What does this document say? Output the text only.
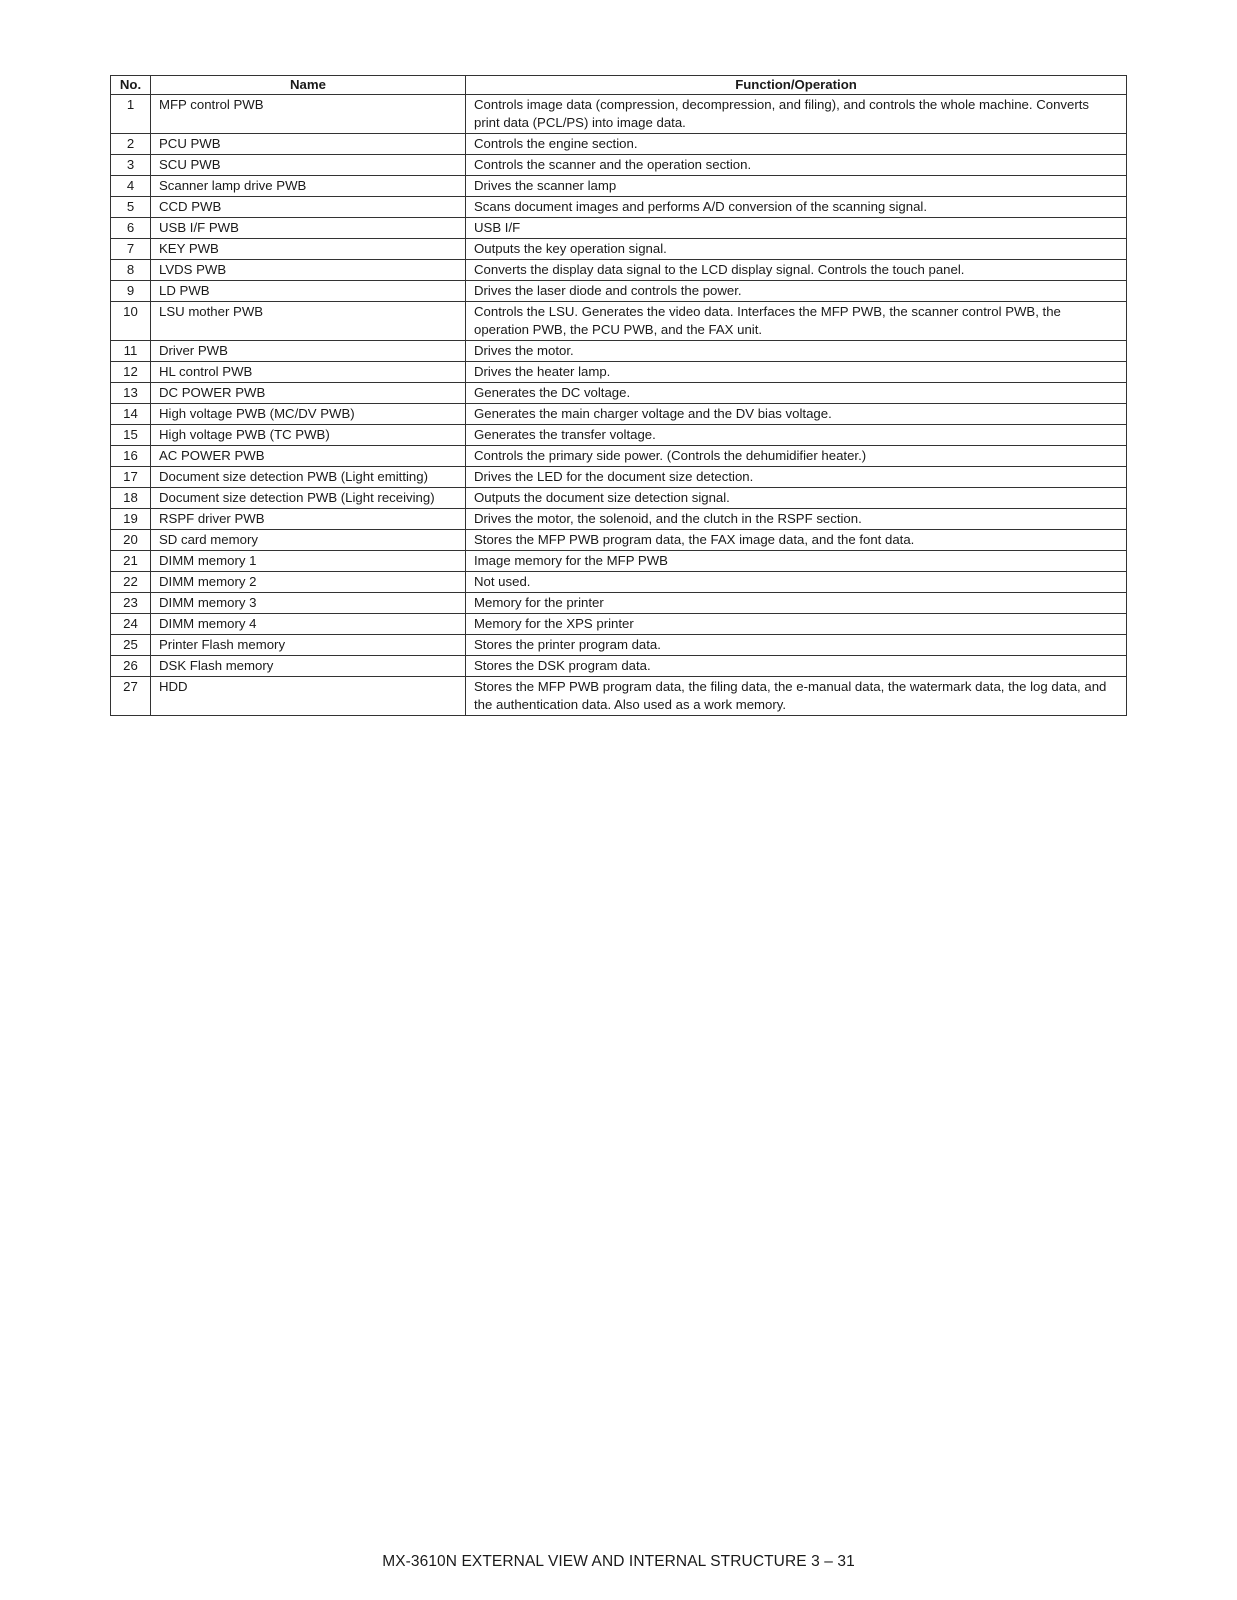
No.	Name	Function/Operation
1	MFP control PWB	Controls image data (compression, decompression, and filing), and controls the whole machine. Converts print data (PCL/PS) into image data.
2	PCU PWB	Controls the engine section.
3	SCU PWB	Controls the scanner and the operation section.
4	Scanner lamp drive PWB	Drives the scanner lamp
5	CCD PWB	Scans document images and performs A/D conversion of the scanning signal.
6	USB I/F PWB	USB I/F
7	KEY PWB	Outputs the key operation signal.
8	LVDS PWB	Converts the display data signal to the LCD display signal. Controls the touch panel.
9	LD PWB	Drives the laser diode and controls the power.
10	LSU mother PWB	Controls the LSU. Generates the video data. Interfaces the MFP PWB, the scanner control PWB, the operation PWB, the PCU PWB, and the FAX unit.
11	Driver PWB	Drives the motor.
12	HL control PWB	Drives the heater lamp.
13	DC POWER PWB	Generates the DC voltage.
14	High voltage PWB (MC/DV PWB)	Generates the main charger voltage and the DV bias voltage.
15	High voltage PWB (TC PWB)	Generates the transfer voltage.
16	AC POWER PWB	Controls the primary side power. (Controls the dehumidifier heater.)
17	Document size detection PWB (Light emitting)	Drives the LED for the document size detection.
18	Document size detection PWB (Light receiving)	Outputs the document size detection signal.
19	RSPF driver PWB	Drives the motor, the solenoid, and the clutch in the RSPF section.
20	SD card memory	Stores the MFP PWB program data, the FAX image data, and the font data.
21	DIMM memory 1	Image memory for the MFP PWB
22	DIMM memory 2	Not used.
23	DIMM memory 3	Memory for the printer
24	DIMM memory 4	Memory for the XPS printer
25	Printer Flash memory	Stores the printer program data.
26	DSK Flash memory	Stores the DSK program data.
27	HDD	Stores the MFP PWB program data, the filing data, the e-manual data, the watermark data, the log data, and the authentication data. Also used as a work memory.
MX-3610N EXTERNAL VIEW AND INTERNAL STRUCTURE 3 – 31
